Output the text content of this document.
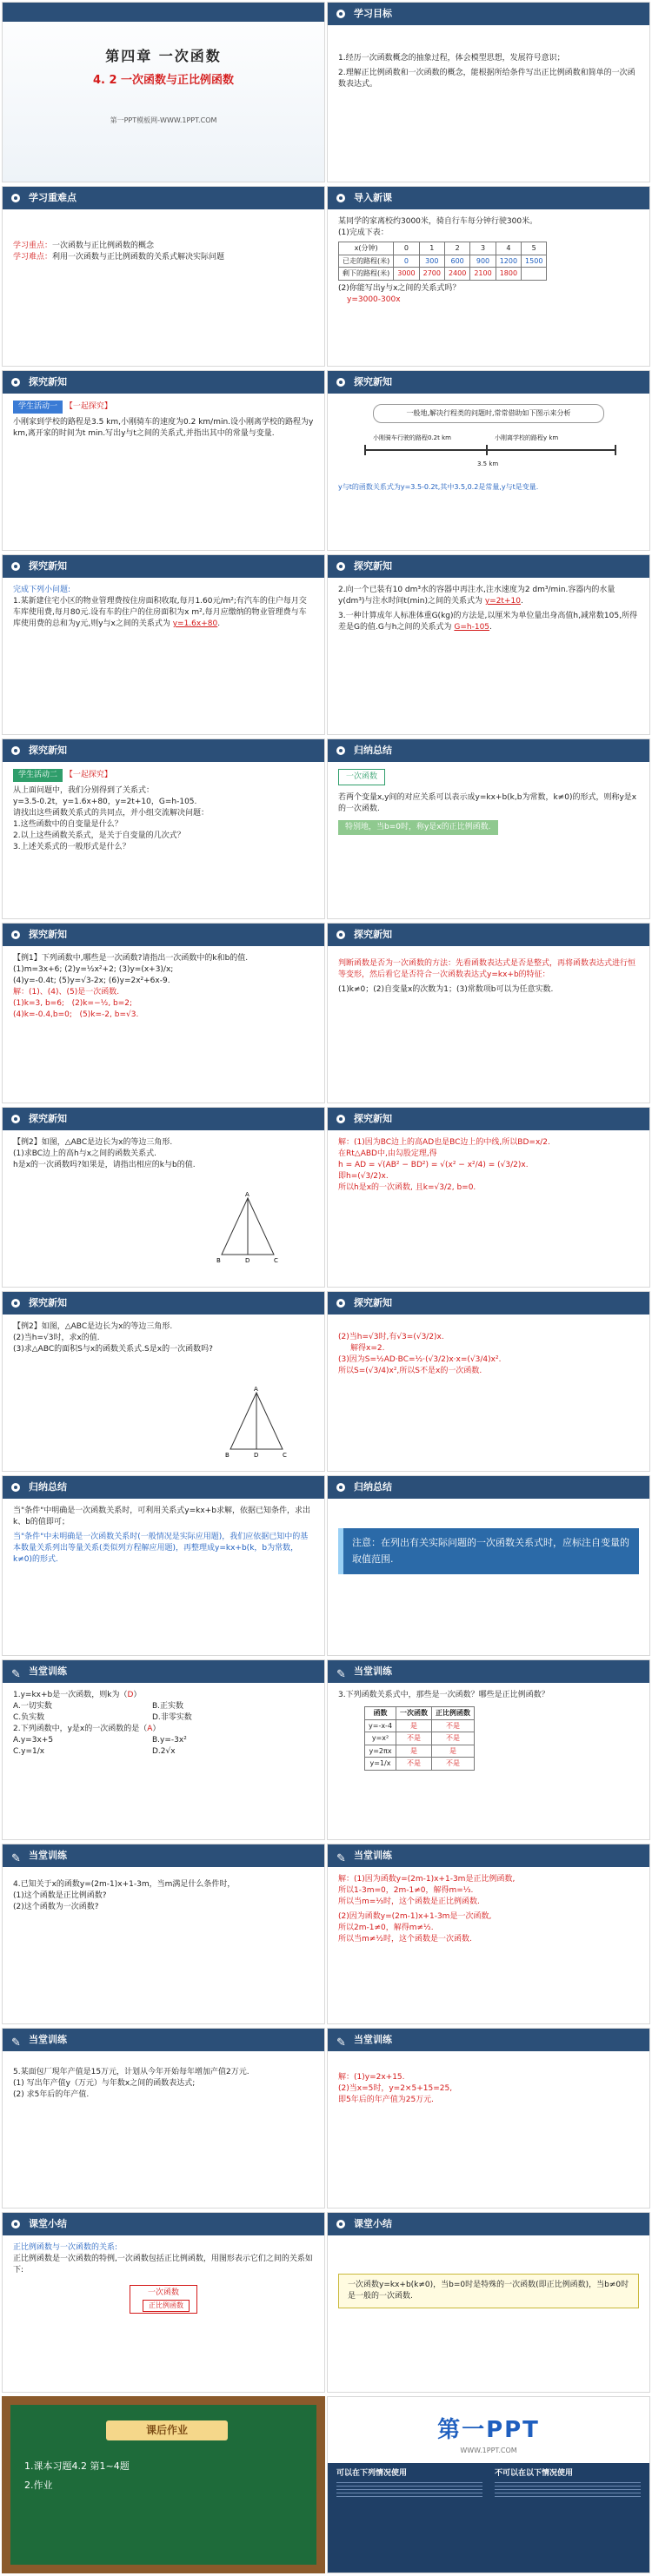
第四章 一次函数
4. 2 一次函数与正比例函数
第一PPT模板网-WWW.1PPT.COM
学习目标

1.经历一次函数概念的抽象过程，体会模型思想，发展符号意识；

2.理解正比例函数和一次函数的概念，能根据所给条件写出正比例函数和简单的一次函数表达式。

学习重难点

学习重点：一次函数与正比例函数的概念

学习难点：利用一次函数与正比例函数的关系式解决实际问题

导入新课

某同学的家离校约3000米，骑自行车每分钟行驶300米。

(1)完成下表：

x(分钟)	0	1	2	3	4	5
已走的路程(米)	0	300	600	900	1200	1500
剩下的路程(米)	3000	2700	2400	2100	1800	

(2)你能写出y与x之间的关系式吗？

y=3000-300x

探究新知
学生活动一 【一起探究】

小刚家到学校的路程是3.5 km,小刚骑车的速度为0.2 km/min.设小刚离学校的路程为y km,离开家的时间为t min.写出y与t之间的关系式,并指出其中的常量与变量.

探究新知
一般地,解决行程类的问题时,常常借助如下图示来分析
小刚骑车行驶的路程0.2t km	小刚离学校的路程y km
3.5 km

y与t的函数关系式为y=3.5-0.2t,其中3.5,0.2是常量,y与t是变量.

探究新知

完成下列小问题:

1.某新建住宅小区的物业管理费按住房面积收取,每月1.60元/m²;有汽车的住户每月交车库使用费,每月80元.设有车的住户的住房面积为x m²,每月应缴纳的物业管理费与车库使用费的总和为y元,则y与x之间的关系式为 y=1.6x+80.

探究新知

2.向一个已装有10 dm³水的容器中再注水,注水速度为2 dm³/min.容器内的水量y(dm³)与注水时间t(min)之间的关系式为 y=2t+10.

3.一种计算成年人标准体重G(kg)的方法是,以厘米为单位量出身高值h,减常数105,所得差是G的值.G与h之间的关系式为 G=h-105.

探究新知
学生活动二 【一起探究】

从上面问题中，我们分别得到了关系式：

y=3.5-0.2t，y=1.6x+80，y=2t+10，G=h-105.

请找出这些函数关系式的共同点，并小组交流解决问题：

1.这些函数中的自变量是什么？

2.以上这些函数关系式，是关于自变量的几次式？

3.上述关系式的一般形式是什么？

归纳总结
一次函数

若两个变量x,y间的对应关系可以表示成y=kx+b(k,b为常数，k≠0)的形式，则称y是x的一次函数.

特别地，当b=0时，称y是x的正比例函数.
探究新知

【例1】下列函数中,哪些是一次函数?请指出一次函数中的k和b的值.

(1)m=3x+6; (2)y=½x²+2; (3)y=(x+3)/x;

(4)y=-0.4t; (5)y=√3-2x; (6)y=2x²+6x-9.

解：(1)、(4)、(5)是一次函数.

(1)k=3, b=6; (2)k=−½, b=2;

(4)k=-0.4,b=0; (5)k=-2, b=√3.

探究新知

判断函数是否为一次函数的方法：先看函数表达式是否是整式，再将函数表达式进行恒等变形，然后看它是否符合一次函数表达式y=kx+b的特征：

(1)k≠0；(2)自变量x的次数为1；(3)常数项b可以为任意实数.

探究新知

【例2】如图，△ABC是边长为x的等边三角形.

(1)求BC边上的高h与x之间的函数关系式.

h是x的一次函数吗?如果是，请指出相应的k与b的值.

A
B	D	C
探究新知

解：(1)因为BC边上的高AD也是BC边上的中线,所以BD=x/2.

在Rt△ABD中,由勾股定理,得

h = AD = √(AB² − BD²) = √(x² − x²/4) = (√3/2)x.

即h=(√3/2)x.

所以h是x的一次函数, 且k=√3/2, b=0.

探究新知

【例2】如图，△ABC是边长为x的等边三角形.

(2)当h=√3时，求x的值.

(3)求△ABC的面积S与x的函数关系式.S是x的一次函数吗?

A
B	D	C
探究新知

(2)当h=√3时,有√3=(√3/2)x.

解得x=2.

(3)因为S=½AD·BC=½·(√3/2)x·x=(√3/4)x².

所以S=(√3/4)x²,所以S不是x的一次函数.

归纳总结

当"条件"中明确是一次函数关系时，可利用关系式y=kx+b求解，依据已知条件，求出k、b的值即可；

当"条件"中未明确是一次函数关系时(一般情况是实际应用题)，我们应依据已知中的基本数量关系列出等量关系(类似列方程解应用题)，再整理成y=kx+b(k，b为常数，k≠0)的形式.

归纳总结
注意：在列出有关实际问题的一次函数关系式时，应标注自变量的取值范围.
✎ 当堂训练

1.y=kx+b是一次函数，则k为（D）

A.一切实数	B.正实数

C.负实数	D.非零实数

2.下列函数中，y是x的一次函数的是（A）

A.y=3x+5	B.y=-3x²

C.y=1/x	D.2√x

✎ 当堂训练

3.下列函数关系式中，那些是一次函数？哪些是正比例函数？

函数	一次函数	正比例函数
y=-x-4	是	不是
y=x²	不是	不是
y=2πx	是	是
y=1/x	不是	不是
✎ 当堂训练

4.已知关于x的函数y=(2m-1)x+1-3m，当m满足什么条件时，

(1)这个函数是正比例函数?

(2)这个函数为一次函数?

✎ 当堂训练

解：(1)因为函数y=(2m-1)x+1-3m是正比例函数,

所以1-3m=0，2m-1≠0，解得m=⅓.

所以当m=⅓时，这个函数是正比例函数.

(2)因为函数y=(2m-1)x+1-3m是一次函数,

所以2m-1≠0，解得m≠½.

所以当m≠½时，这个函数是一次函数.

✎ 当堂训练

5.某面包厂現年产值是15万元，计划从今年开始每年增加产值2万元.

(1) 写出年产值y（万元）与年数x之间的函数表达式;

(2) 求5年后的年产值.

✎ 当堂训练

解：(1)y=2x+15.

(2)当x=5时，y=2×5+15=25,

即5年后的年产值为25万元.

课堂小结

正比例函数与一次函数的关系:

正比例函数是一次函数的特例,一次函数包括正比例函数，用图形表示它们之间的关系如下:

一次函数
正比例函数
课堂小结
一次函数y=kx+b(k≠0)，当b=0时是特殊的一次函数(即正比例函数)，当b≠0时是一般的一次函数.
课后作业
1.课本习题4.2 第1~4题
2.作业
第一PPT
WWW.1PPT.COM
可以在下列情况使用	不可以在以下情况使用
